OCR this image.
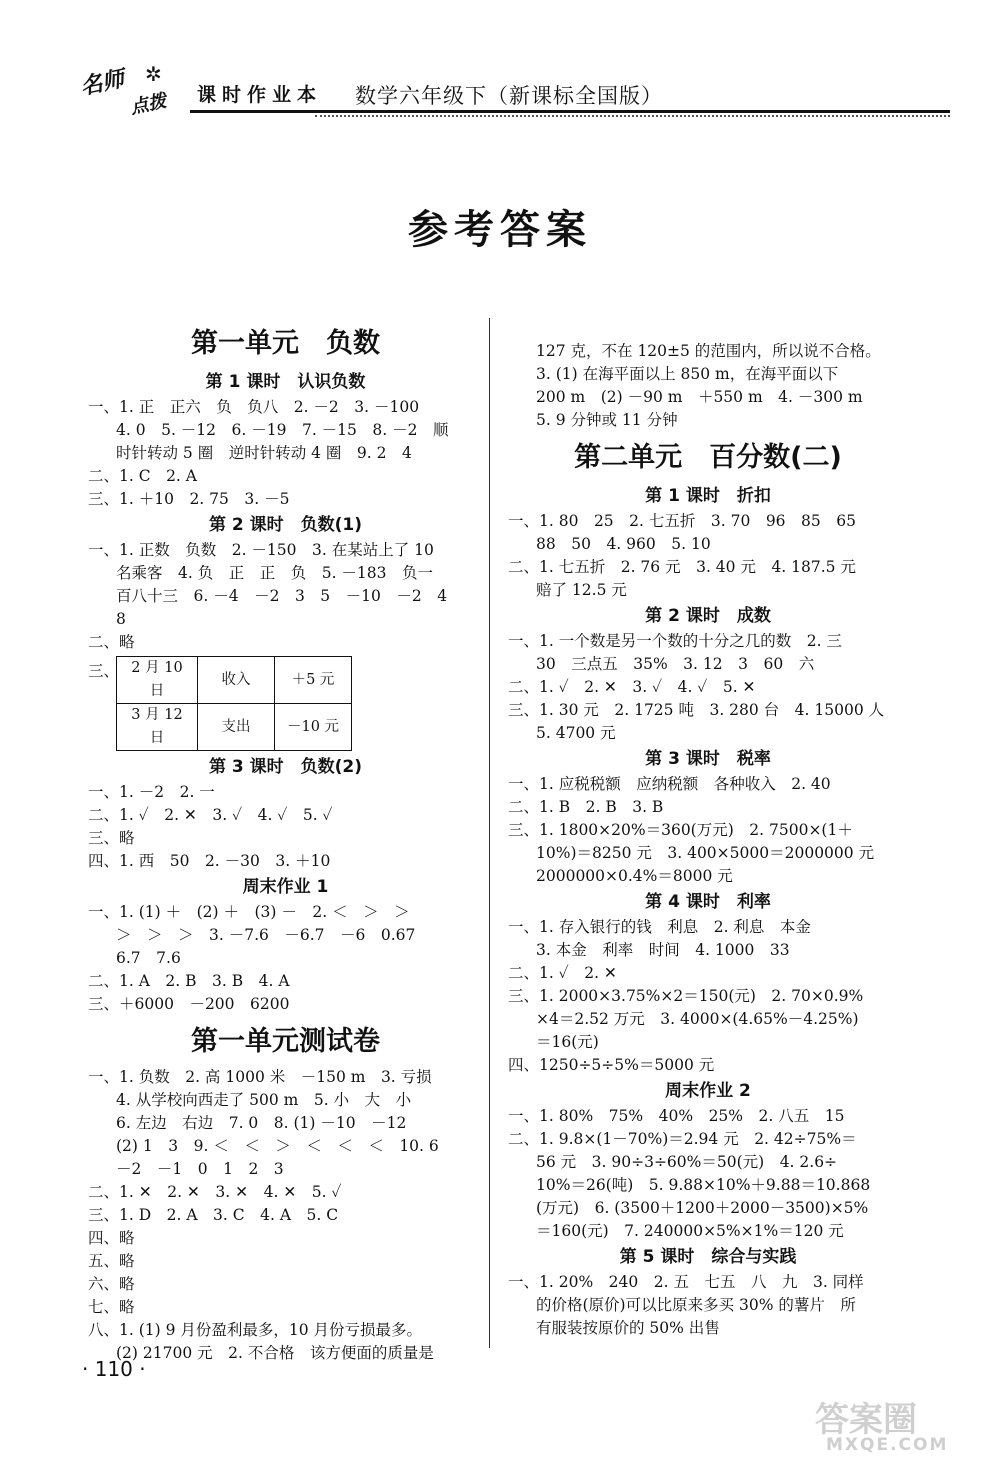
名师 ✲
点拨 课时作业本 数学六年级下（新课标全国版）
参考答案
第一单元　负数
第 1 课时　认识负数
一、1. 正　正六　负　负八　2. －2　3. －100
4. 0　5. －12　6. －19　7. －15　8. －2　顺
时针转动 5 圈　逆时针转动 4 圈　9. 2　4
二、1. C　2. A
三、1. ＋10　2. 75　3. －5
第 2 课时　负数(1)
一、1. 正数　负数　2. －150　3. 在某站上了 10
名乘客　4. 负　正　正　负　5. －183　负一
百八十三　6. －4　－2　3　5　－10　－2　4
8
二、略
三、 2 月 10 日	收入	＋5 元
3 月 12 日	支出	－10 元
第 3 课时　负数(2)
一、1. －2　2. 一
二、1. ✓　2. ✕　3. ✓　4. ✓　5. ✓
三、略
四、1. 西　50　2. －30　3. ＋10
周末作业 1
一、1. (1) ＋　(2) ＋　(3) －　2. ＜　＞　＞
＞　＞　＞　3. －7.6　－6.7　－6　0.67
6.7　7.6
二、1. A　2. B　3. B　4. A
三、＋6000　－200　6200
第一单元测试卷
一、1. 负数　2. 高 1000 米　－150 m　3. 亏损
4. 从学校向西走了 500 m　5. 小　大　小
6. 左边　右边　7. 0　8. (1) －10　－12
(2) 1　3　9. ＜　＜　＞　＜　＜　＜　10. 6
－2　－1　0　1　2　3
二、1. ✕　2. ✕　3. ✕　4. ✕　5. ✓
三、1. D　2. A　3. C　4. A　5. C
四、略
五、略
六、略
七、略
八、1. (1) 9 月份盈利最多，10 月份亏损最多。
(2) 21700 元　2. 不合格　该方便面的质量是
127 克，不在 120±5 的范围内，所以说不合格。
3. (1) 在海平面以上 850 m，在海平面以下
200 m　(2) －90 m　＋550 m　4. －300 m
5. 9 分钟或 11 分钟
第二单元　百分数(二)
第 1 课时　折扣
一、1. 80　25　2. 七五折　3. 70　96　85　65
88　50　4. 960　5. 10
二、1. 七五折　2. 76 元　3. 40 元　4. 187.5 元
赔了 12.5 元
第 2 课时　成数
一、1. 一个数是另一个数的十分之几的数　2. 三
30　三点五　35%　3. 12　3　60　六
二、1. ✓　2. ✕　3. ✓　4. ✓　5. ✕
三、1. 30 元　2. 1725 吨　3. 280 台　4. 15000 人
5. 4700 元
第 3 课时　税率
一、1. 应税税额　应纳税额　各种收入　2. 40
二、1. B　2. B　3. B
三、1. 1800×20%＝360(万元)　2. 7500×(1＋
10%)＝8250 元　3. 400×5000＝2000000 元
2000000×0.4%＝8000 元
第 4 课时　利率
一、1. 存入银行的钱　利息　2. 利息　本金
3. 本金　利率　时间　4. 1000　33
二、1. ✓　2. ✕
三、1. 2000×3.75%×2＝150(元)　2. 70×0.9%
×4＝2.52 万元　3. 4000×(4.65%－4.25%)
＝16(元)
四、1250÷5÷5%＝5000 元
周末作业 2
一、1. 80%　75%　40%　25%　2. 八五　15
二、1. 9.8×(1－70%)＝2.94 元　2. 42÷75%＝
56 元　3. 90÷3÷60%＝50(元)　4. 2.6÷
10%＝26(吨)　5. 9.88×10%＋9.88＝10.868
(万元)　6. (3500＋1200＋2000－3500)×5%
＝160(元)　7. 240000×5%×1%＝120 元
第 5 课时　综合与实践
一、1. 20%　240　2. 五　七五　八　九　3. 同样
的价格(原价)可以比原来多买 30% 的薯片　所
有服装按原价的 50% 出售
· 110 ·
答案圈
MXQE.COM
